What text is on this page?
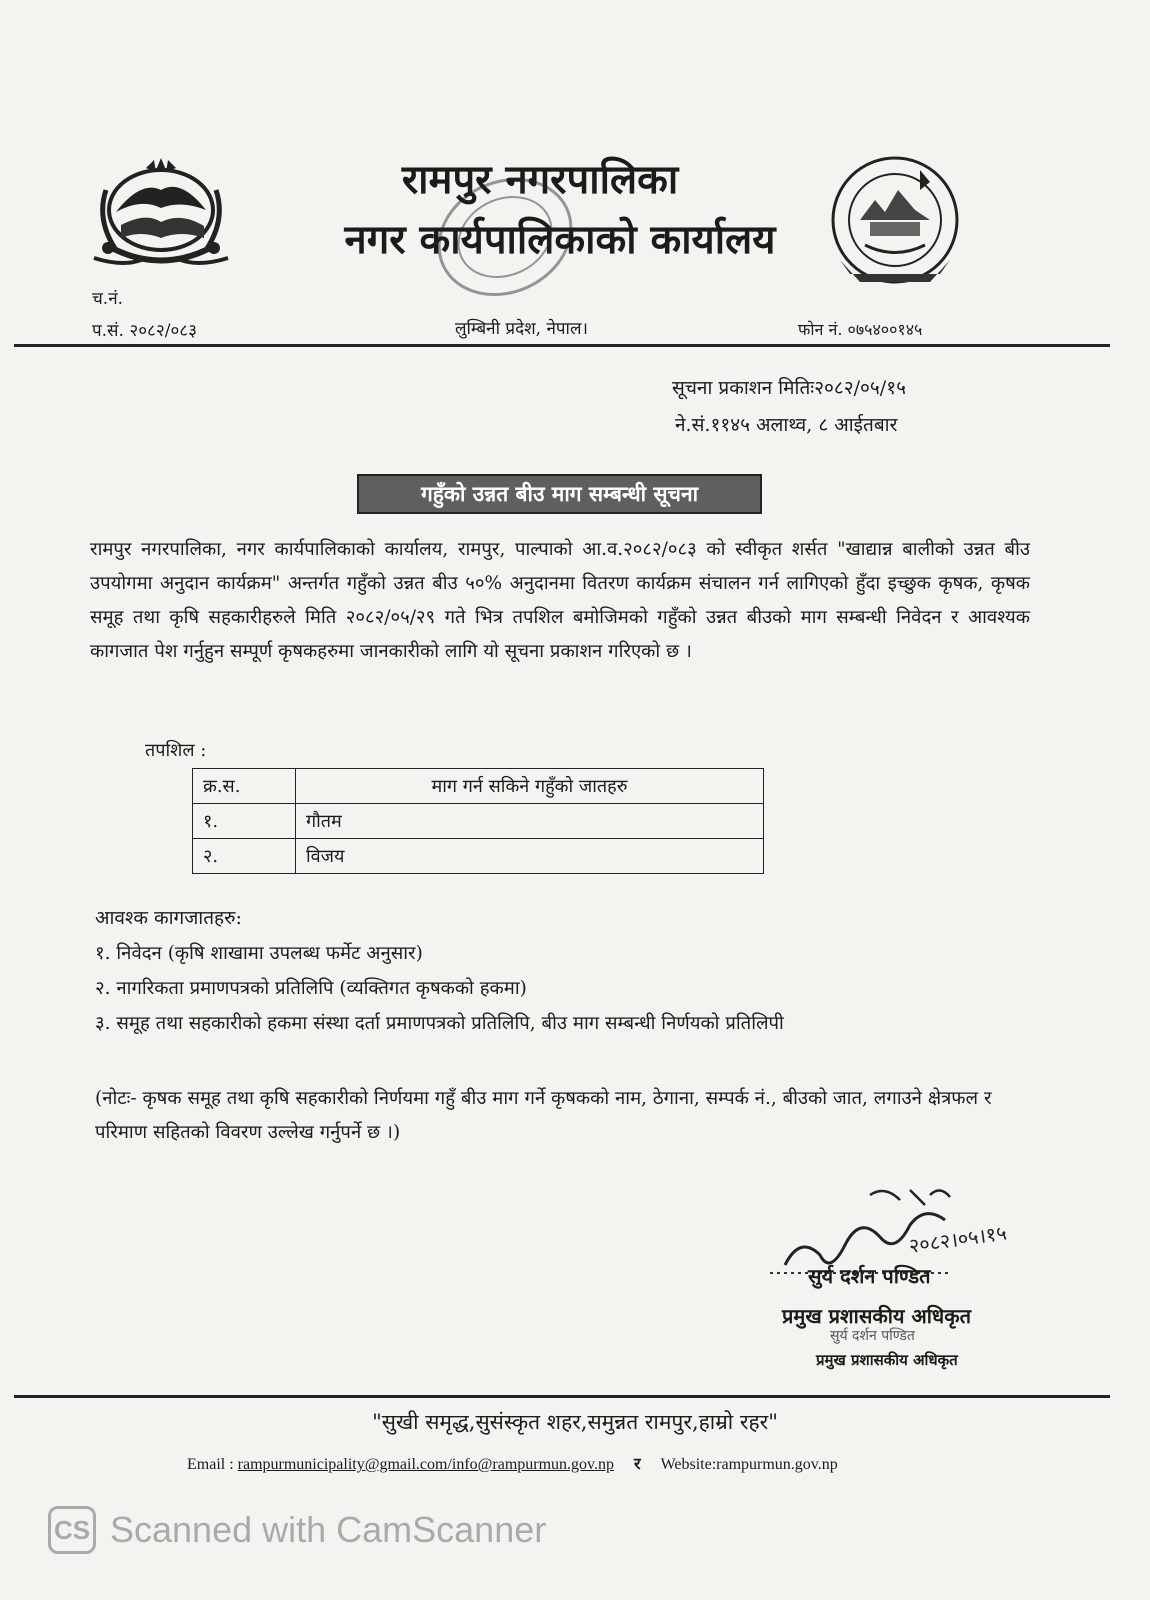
रामपुर नगरपालिका
नगर कार्यपालिकाको कार्यालय
च.नं.
प.सं. २०८२/०८३	लुम्बिनी प्रदेश, नेपाल।	फोन नं. ०७५४००१४५
सूचना प्रकाशन मितिः२०८२/०५/१५
ने.सं.११४५ अलाथ्व, ८ आईतबार
गहुँको उन्नत बीउ माग सम्बन्धी सूचना
रामपुर नगरपालिका, नगर कार्यपालिकाको कार्यालय, रामपुर, पाल्पाको आ.व.२०८२/०८३ को स्वीकृत शर्सत "खाद्यान्न बालीको उन्नत बीउ उपयोगमा अनुदान कार्यक्रम" अन्तर्गत गहुँको उन्नत बीउ ५०% अनुदानमा वितरण कार्यक्रम संचालन गर्न लागिएको हुँदा इच्छुक कृषक, कृषक समूह तथा कृषि सहकारीहरुले मिति २०८२/०५/२९ गते भित्र तपशिल बमोजिमको गहुँको उन्नत बीउको माग सम्बन्धी निवेदन र आवश्यक कागजात पेश गर्नुहुन सम्पूर्ण कृषकहरुमा जानकारीको लागि यो सूचना प्रकाशन गरिएको छ ।
तपशिल :
क्र.स.	माग गर्न सकिने गहुँको जातहरु
१.	गौतम
२.	विजय
आवश्क कागजातहरु:
१. निवेदन (कृषि शाखामा उपलब्ध फर्मेट अनुसार)
२. नागरिकता प्रमाणपत्रको प्रतिलिपि (व्यक्तिगत कृषकको हकमा)
३. समूह तथा सहकारीको हकमा संस्था दर्ता प्रमाणपत्रको प्रतिलिपि, बीउ माग सम्बन्धी निर्णयको प्रतिलिपी
(नोटः- कृषक समूह तथा कृषि सहकारीको निर्णयमा गहुँ बीउ माग गर्ने कृषकको नाम, ठेगाना, सम्पर्क नं., बीउको जात, लगाउने क्षेत्रफल र परिमाण सहितको विवरण उल्लेख गर्नुपर्ने छ ।)
२०८२।०५।१५
सुर्य दर्शन पण्डित
प्रमुख प्रशासकीय अधिकृत
सुर्य दर्शन पण्डित
प्रमुख प्रशासकीय अधिकृत
"सुखी समृद्ध,सुसंस्कृत शहर,समुन्नत रामपुर,हाम्रो रहर"
Email : rampurmunicipality@gmail.com/info@rampurmun.gov.np र Website:rampurmun.gov.np
CS Scanned with CamScanner
